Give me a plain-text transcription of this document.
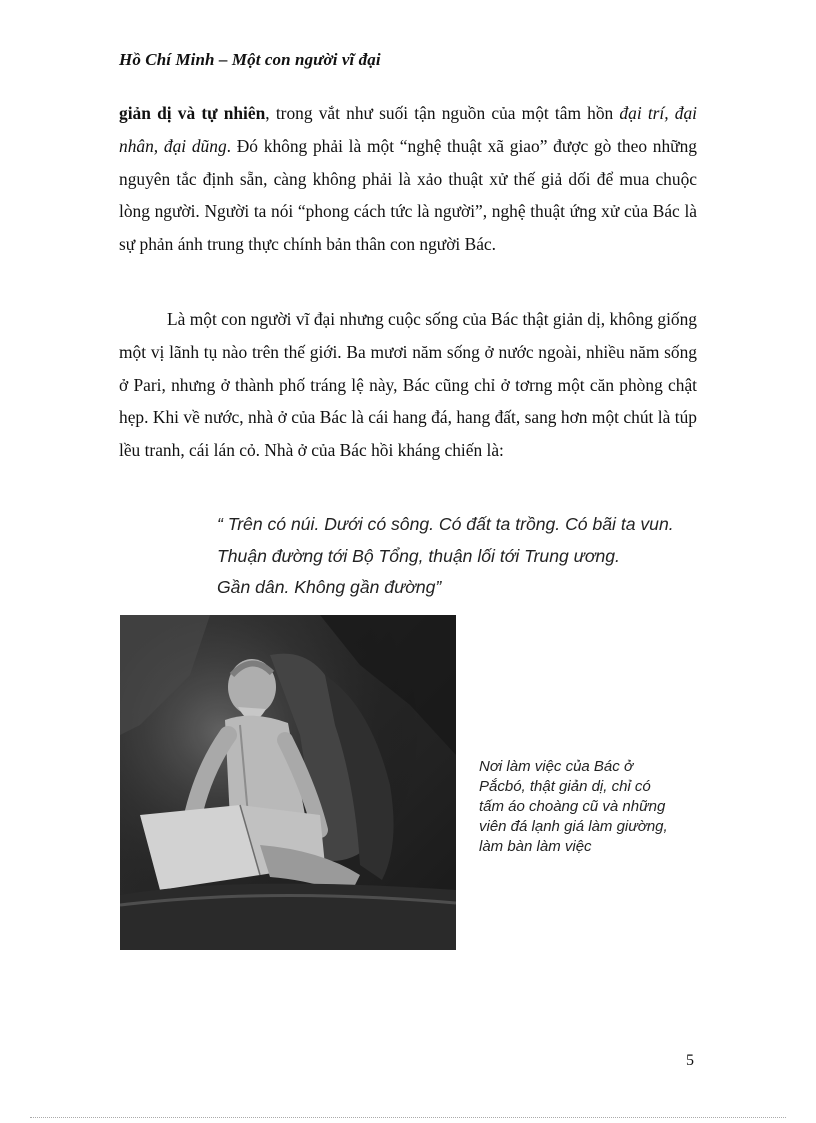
Hồ Chí Minh – Một con người vĩ đại

giản dị và tự nhiên, trong vắt như suối tận nguồn của một tâm hồn đại trí, đại nhân, đại dũng. Đó không phải là một “nghệ thuật xã giao” được gò theo những nguyên tắc định sẵn, càng không phải là xảo thuật xử thế giả dối để mua chuộc lòng người. Người ta nói “phong cách tức là người”, nghệ thuật ứng xử của Bác là sự phản ánh trung thực chính bản thân con người Bác.

Là một con người vĩ đại nhưng cuộc sống của Bác thật giản dị, không giống một vị lãnh tụ nào trên thế giới. Ba mươi năm sống ở nước ngoài, nhiều năm sống ở Pari, nhưng ở thành phố tráng lệ này, Bác cũng chỉ ở tơrng một căn phòng chật hẹp. Khi về nước, nhà ở của Bác là cái hang đá, hang đất, sang hơn một chút là túp lều tranh, cái lán cỏ. Nhà ở của Bác hồi kháng chiến là:

“ Trên có núi. Dưới có sông. Có đất ta trồng. Có bãi ta vun.
Thuận đường tới Bộ Tổng, thuận lối tới Trung ương.
Gần dân. Không gần đường”
Nơi làm việc của Bác ở
Pắcbó, thật giản dị, chỉ có
tấm áo choàng cũ và những
viên đá lạnh giá làm giường,
làm bàn làm việc
5
